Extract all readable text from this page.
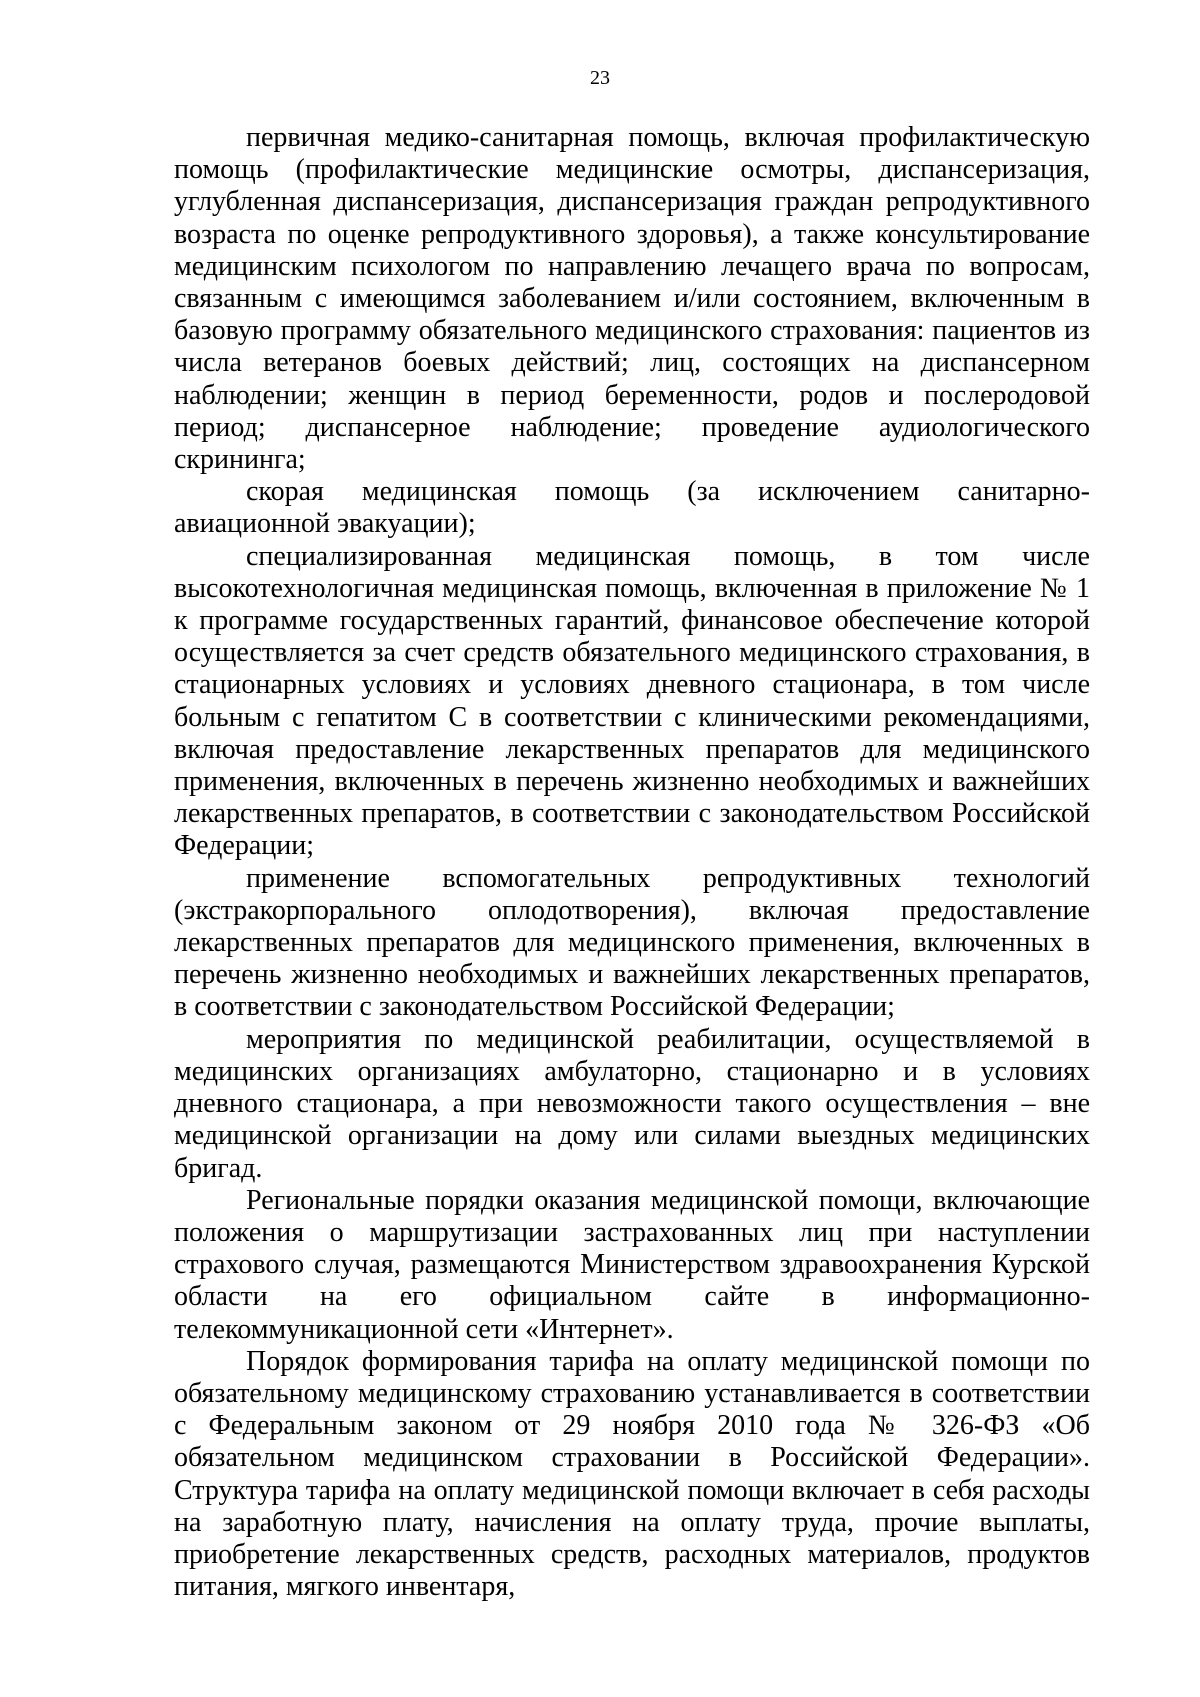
23

первичная медико-санитарная помощь, включая профилактическую помощь (профилактические медицинские осмотры, диспансеризация, углубленная диспансеризация, диспансеризация граждан репродуктивного возраста по оценке репродуктивного здоровья), а также консультирование медицинским психологом по направлению лечащего врача по вопросам, связанным с имеющимся заболеванием и/или состоянием, включенным в базовую программу обязательного медицинского страхования: пациентов из числа ветеранов боевых действий; лиц, состоящих на диспансерном наблюдении; женщин в период беременности, родов и послеродовой период; диспансерное наблюдение; проведение аудиологического скрининга;

скорая медицинская помощь (за исключением санитарно-авиационной эвакуации);

специализированная медицинская помощь, в том числе высокотехнологичная медицинская помощь, включенная в приложение № 1 к программе государственных гарантий, финансовое обеспечение которой осуществляется за счет средств обязательного медицинского страхования, в стационарных условиях и условиях дневного стационара, в том числе больным с гепатитом С в соответствии с клиническими рекомендациями, включая предоставление лекарственных препаратов для медицинского применения, включенных в перечень жизненно необходимых и важнейших лекарственных препаратов, в соответствии с законодательством Российской Федерации;

применение вспомогательных репродуктивных технологий (экстракорпорального оплодотворения), включая предоставление лекарственных препаратов для медицинского применения, включенных в перечень жизненно необходимых и важнейших лекарственных препаратов, в соответствии с законодательством Российской Федерации;

мероприятия по медицинской реабилитации, осуществляемой в медицинских организациях амбулаторно, стационарно и в условиях дневного стационара, а при невозможности такого осуществления – вне медицинской организации на дому или силами выездных медицинских бригад.

Региональные порядки оказания медицинской помощи, включающие положения о маршрутизации застрахованных лиц при наступлении страхового случая, размещаются Министерством здравоохранения Курской области на его официальном сайте в информационно-телекоммуникационной сети «Интернет».

Порядок формирования тарифа на оплату медицинской помощи по обязательному медицинскому страхованию устанавливается в соответствии с Федеральным законом от 29 ноября 2010 года № 326-ФЗ «Об обязательном медицинском страховании в Российской Федерации». Структура тарифа на оплату медицинской помощи включает в себя расходы на заработную плату, начисления на оплату труда, прочие выплаты, приобретение лекарственных средств, расходных материалов, продуктов питания, мягкого инвентаря,
